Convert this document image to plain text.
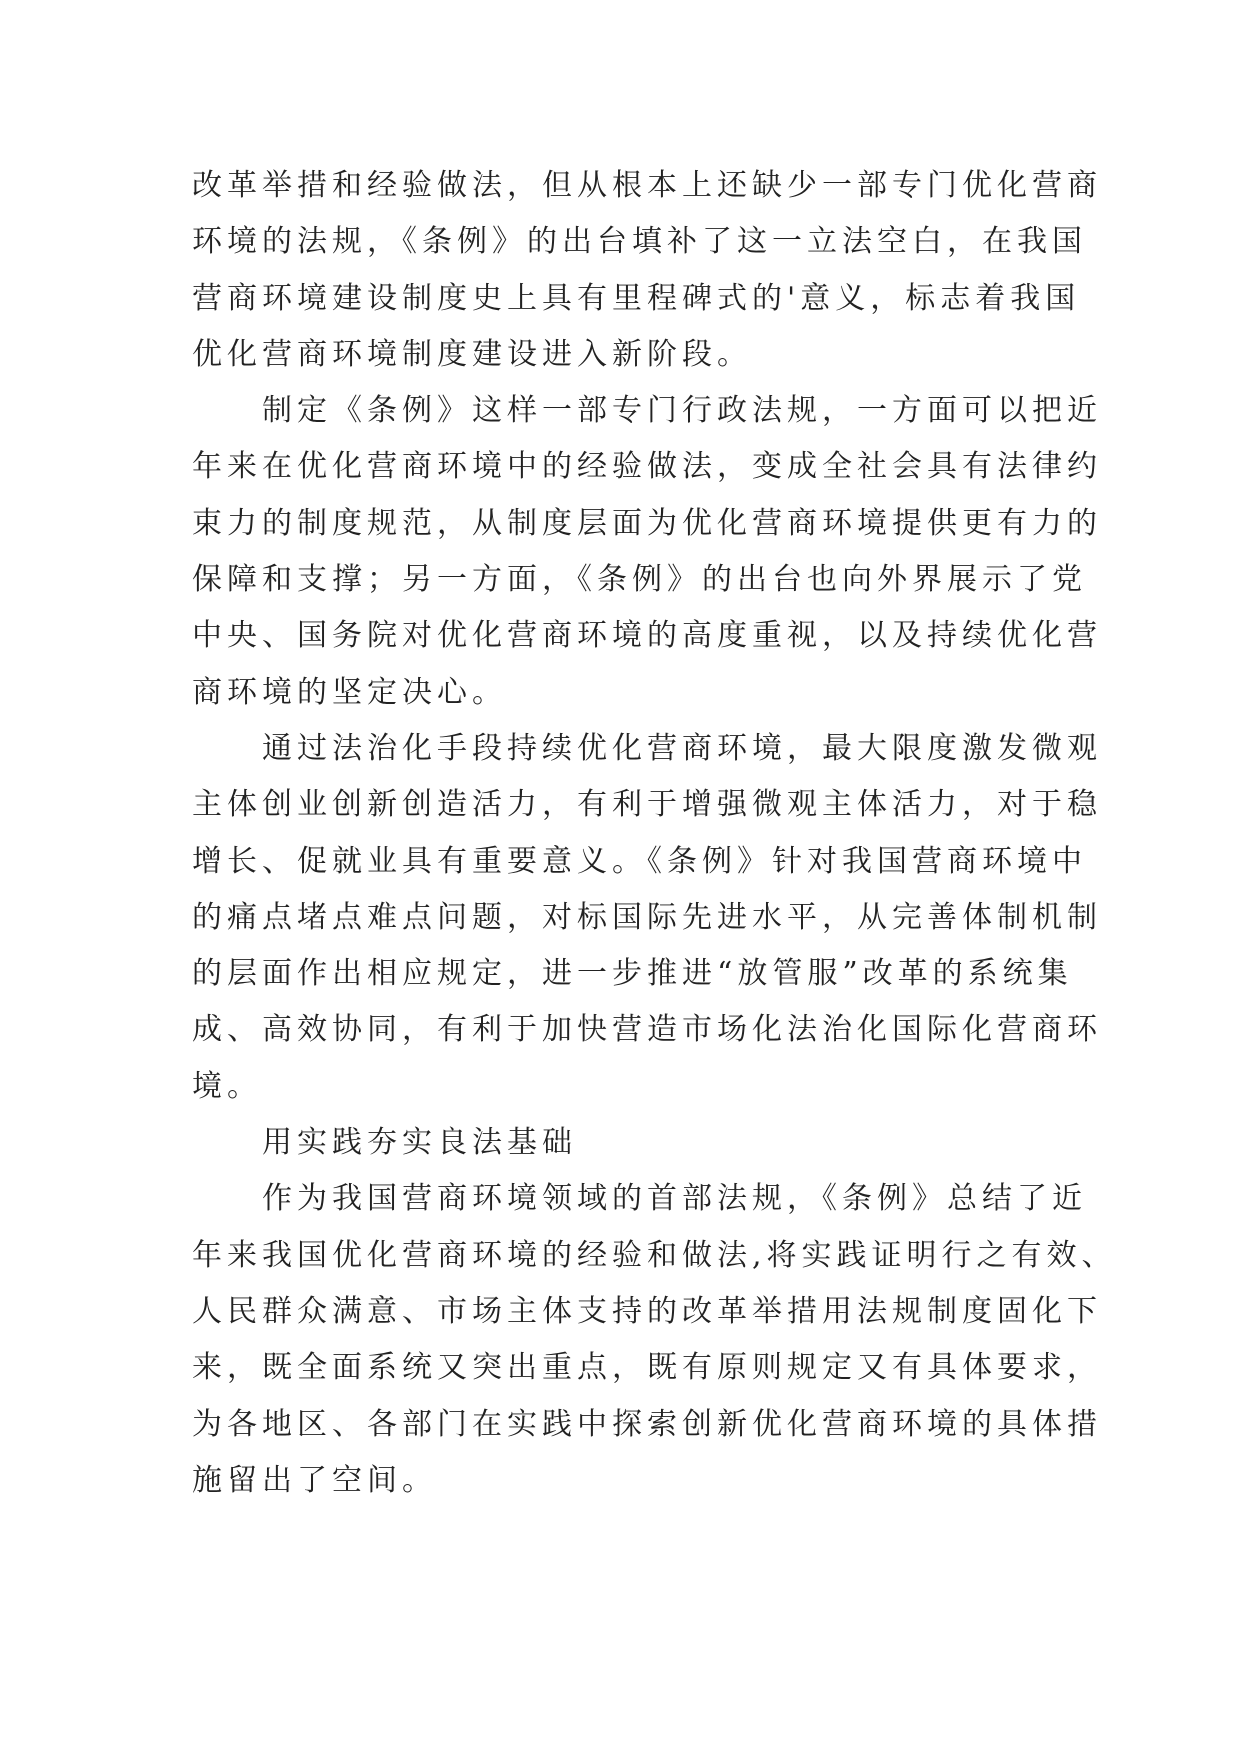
改革举措和经验做法，但从根本上还缺少一部专门优化营商
环境的法规，《条例》的出台填补了这一立法空白，在我国
营商环境建设制度史上具有里程碑式的'意义，标志着我国
优化营商环境制度建设进入新阶段。

制定《条例》这样一部专门行政法规，一方面可以把近
年来在优化营商环境中的经验做法，变成全社会具有法律约
束力的制度规范，从制度层面为优化营商环境提供更有力的
保障和支撑；另一方面，《条例》的出台也向外界展示了党
中央、国务院对优化营商环境的高度重视，以及持续优化营
商环境的坚定决心。

通过法治化手段持续优化营商环境，最大限度激发微观
主体创业创新创造活力，有利于增强微观主体活力，对于稳
增长、促就业具有重要意义。《条例》针对我国营商环境中
的痛点堵点难点问题，对标国际先进水平，从完善体制机制
的层面作出相应规定，进一步推进“放管服”改革的系统集
成、高效协同，有利于加快营造市场化法治化国际化营商环
境。

用实践夯实良法基础

作为我国营商环境领域的首部法规，《条例》总结了近
年来我国优化营商环境的经验和做法,将实践证明行之有效、
人民群众满意、市场主体支持的改革举措用法规制度固化下
来，既全面系统又突出重点，既有原则规定又有具体要求，
为各地区、各部门在实践中探索创新优化营商环境的具体措
施留出了空间。
